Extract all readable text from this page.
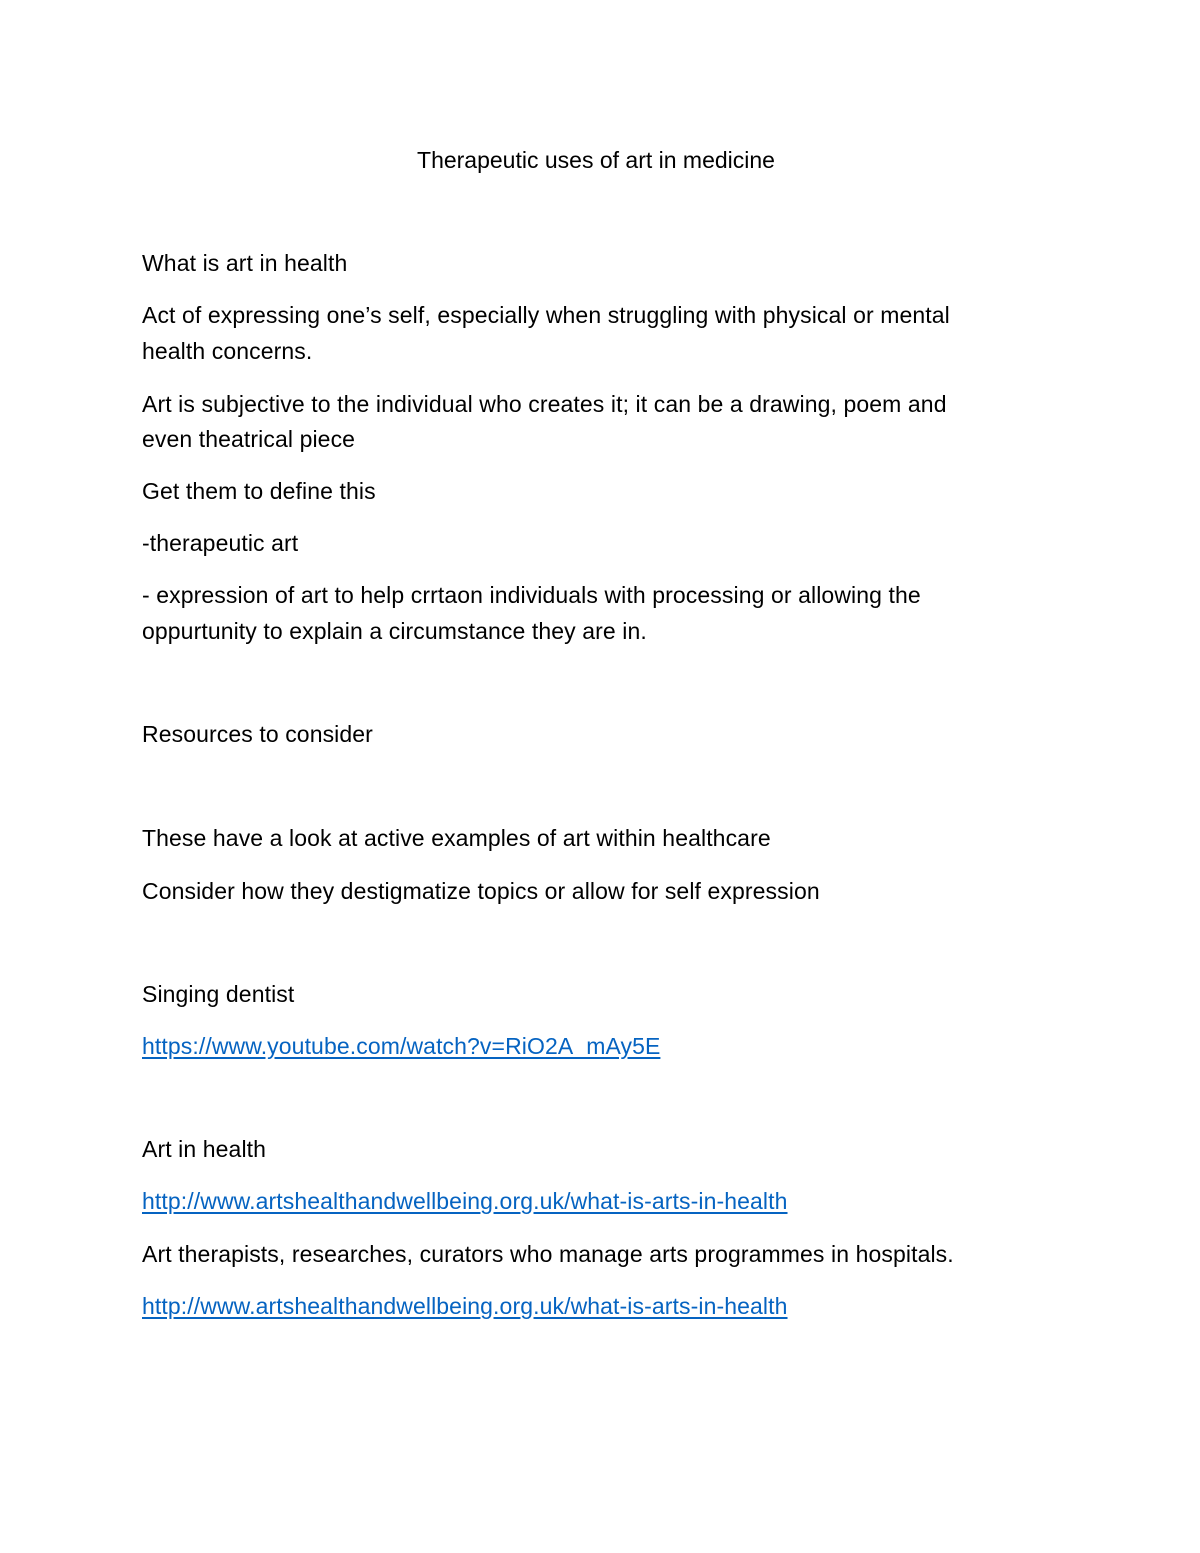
Therapeutic uses of art in medicine
What is art in health
Act of expressing one’s self, especially when struggling with physical or mental
health concerns.
Art is subjective to the individual who creates it; it can be a drawing, poem and
even theatrical piece
Get them to define this
-therapeutic art
- expression of art to help crrtaon individuals with processing or allowing the
oppurtunity to explain a circumstance they are in.
Resources to consider
These have a look at active examples of art within healthcare
Consider how they destigmatize topics or allow for self expression
Singing dentist
https://www.youtube.com/watch?v=RiO2A_mAy5E
Art in health
http://www.artshealthandwellbeing.org.uk/what-is-arts-in-health
Art therapists, researches, curators who manage arts programmes in hospitals.
http://www.artshealthandwellbeing.org.uk/what-is-arts-in-health
